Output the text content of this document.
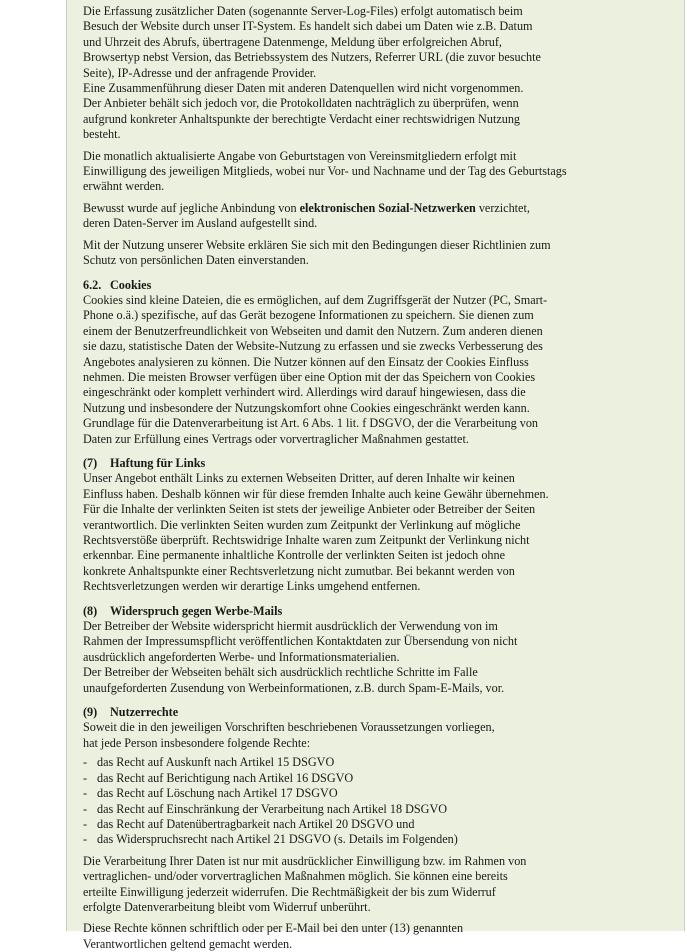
Die Erfassung zusätzlicher Daten (sogenannte Server-Log-Files) erfolgt automatisch beim
Besuch der Website durch unser IT-System. Es handelt sich dabei um Daten wie z.B. Datum
und Uhrzeit des Abrufs, übertragene Datenmenge, Meldung über erfolgreichen Abruf,
Browsertyp nebst Version, das Betriebssystem des Nutzers, Referrer URL (die zuvor besuchte
Seite), IP-Adresse und der anfragende Provider.
Eine Zusammenführung dieser Daten mit anderen Datenquellen wird nicht vorgenommen.
Der Anbieter behält sich jedoch vor, die Protokolldaten nachträglich zu überprüfen, wenn
aufgrund konkreter Anhaltspunkte der berechtigte Verdacht einer rechtswidrigen Nutzung
besteht.
Die monatlich aktualisierte Angabe von Geburtstagen von Vereinsmitgliedern erfolgt mit
Einwilligung des jeweiligen Mitglieds, wobei nur Vor- und Nachname und der Tag des Geburtstags
erwähnt werden.
Bewusst wurde auf jegliche Anbindung von elektronischen Sozial-Netzwerken verzichtet,
deren Daten-Server im Ausland aufgestellt sind.
Mit der Nutzung unserer Website erklären Sie sich mit den Bedingungen dieser Richtlinien zum
Schutz von persönlichen Daten einverstanden.
6.2. Cookies
Cookies sind kleine Dateien, die es ermöglichen, auf dem Zugriffsgerät der Nutzer (PC, Smart-
Phone o.ä.) spezifische, auf das Gerät bezogene Informationen zu speichern. Sie dienen zum
einem der Benutzerfreundlichkeit von Webseiten und damit den Nutzern. Zum anderen dienen
sie dazu, statistische Daten der Website-Nutzung zu erfassen und sie zwecks Verbesserung des
Angebotes analysieren zu können. Die Nutzer können auf den Einsatz der Cookies Einfluss
nehmen. Die meisten Browser verfügen über eine Option mit der das Speichern von Cookies
eingeschränkt oder komplett verhindert wird. Allerdings wird darauf hingewiesen, dass die
Nutzung und insbesondere der Nutzungskomfort ohne Cookies eingeschränkt werden kann.
Grundlage für die Datenverarbeitung ist Art. 6 Abs. 1 lit. f DSGVO, der die Verarbeitung von
Daten zur Erfüllung eines Vertrags oder vorvertraglicher Maßnahmen gestattet.
(7) Haftung für Links
Unser Angebot enthält Links zu externen Webseiten Dritter, auf deren Inhalte wir keinen
Einfluss haben. Deshalb können wir für diese fremden Inhalte auch keine Gewähr übernehmen.
Für die Inhalte der verlinkten Seiten ist stets der jeweilige Anbieter oder Betreiber der Seiten
verantwortlich. Die verlinkten Seiten wurden zum Zeitpunkt der Verlinkung auf mögliche
Rechtsverstöße überprüft. Rechtswidrige Inhalte waren zum Zeitpunkt der Verlinkung nicht
erkennbar. Eine permanente inhaltliche Kontrolle der verlinkten Seiten ist jedoch ohne
konkrete Anhaltspunkte einer Rechtsverletzung nicht zumutbar. Bei bekannt werden von
Rechtsverletzungen werden wir derartige Links umgehend entfernen.
(8) Widerspruch gegen Werbe-Mails
Der Betreiber der Website widerspricht hiermit ausdrücklich der Verwendung von im
Rahmen der Impressumspflicht veröffentlichen Kontaktdaten zur Übersendung von nicht
ausdrücklich angeforderten Werbe- und Informationsmaterialien.
Der Betreiber der Webseiten behält sich ausdrücklich rechtliche Schritte im Falle
unaufgeforderten Zusendung von Werbeinformationen, z.B. durch Spam-E-Mails, vor.
(9) Nutzerrechte
Soweit die in den jeweiligen Vorschriften beschriebenen Voraussetzungen vorliegen,
hat jede Person insbesondere folgende Rechte:
- das Recht auf Auskunft nach Artikel 15 DSGVO
- das Recht auf Berichtigung nach Artikel 16 DSGVO
- das Recht auf Löschung nach Artikel 17 DSGVO
- das Recht auf Einschränkung der Verarbeitung nach Artikel 18 DSGVO
- das Recht auf Datenübertragbarkeit nach Artikel 20 DSGVO und
- das Widerspruchsrecht nach Artikel 21 DSGVO (s. Details im Folgenden)
Die Verarbeitung Ihrer Daten ist nur mit ausdrücklicher Einwilligung bzw. im Rahmen von
vertraglichen- und/oder vorvertraglichen Maßnahmen möglich. Sie können eine bereits
erteilte Einwilligung jederzeit widerrufen. Die Rechtmäßigkeit der bis zum Widerruf
erfolgte Datenverarbeitung bleibt vom Widerruf unberührt.
Diese Rechte können schriftlich oder per E-Mail bei den unter (13) genannten
Verantwortlichen geltend gemacht werden.
